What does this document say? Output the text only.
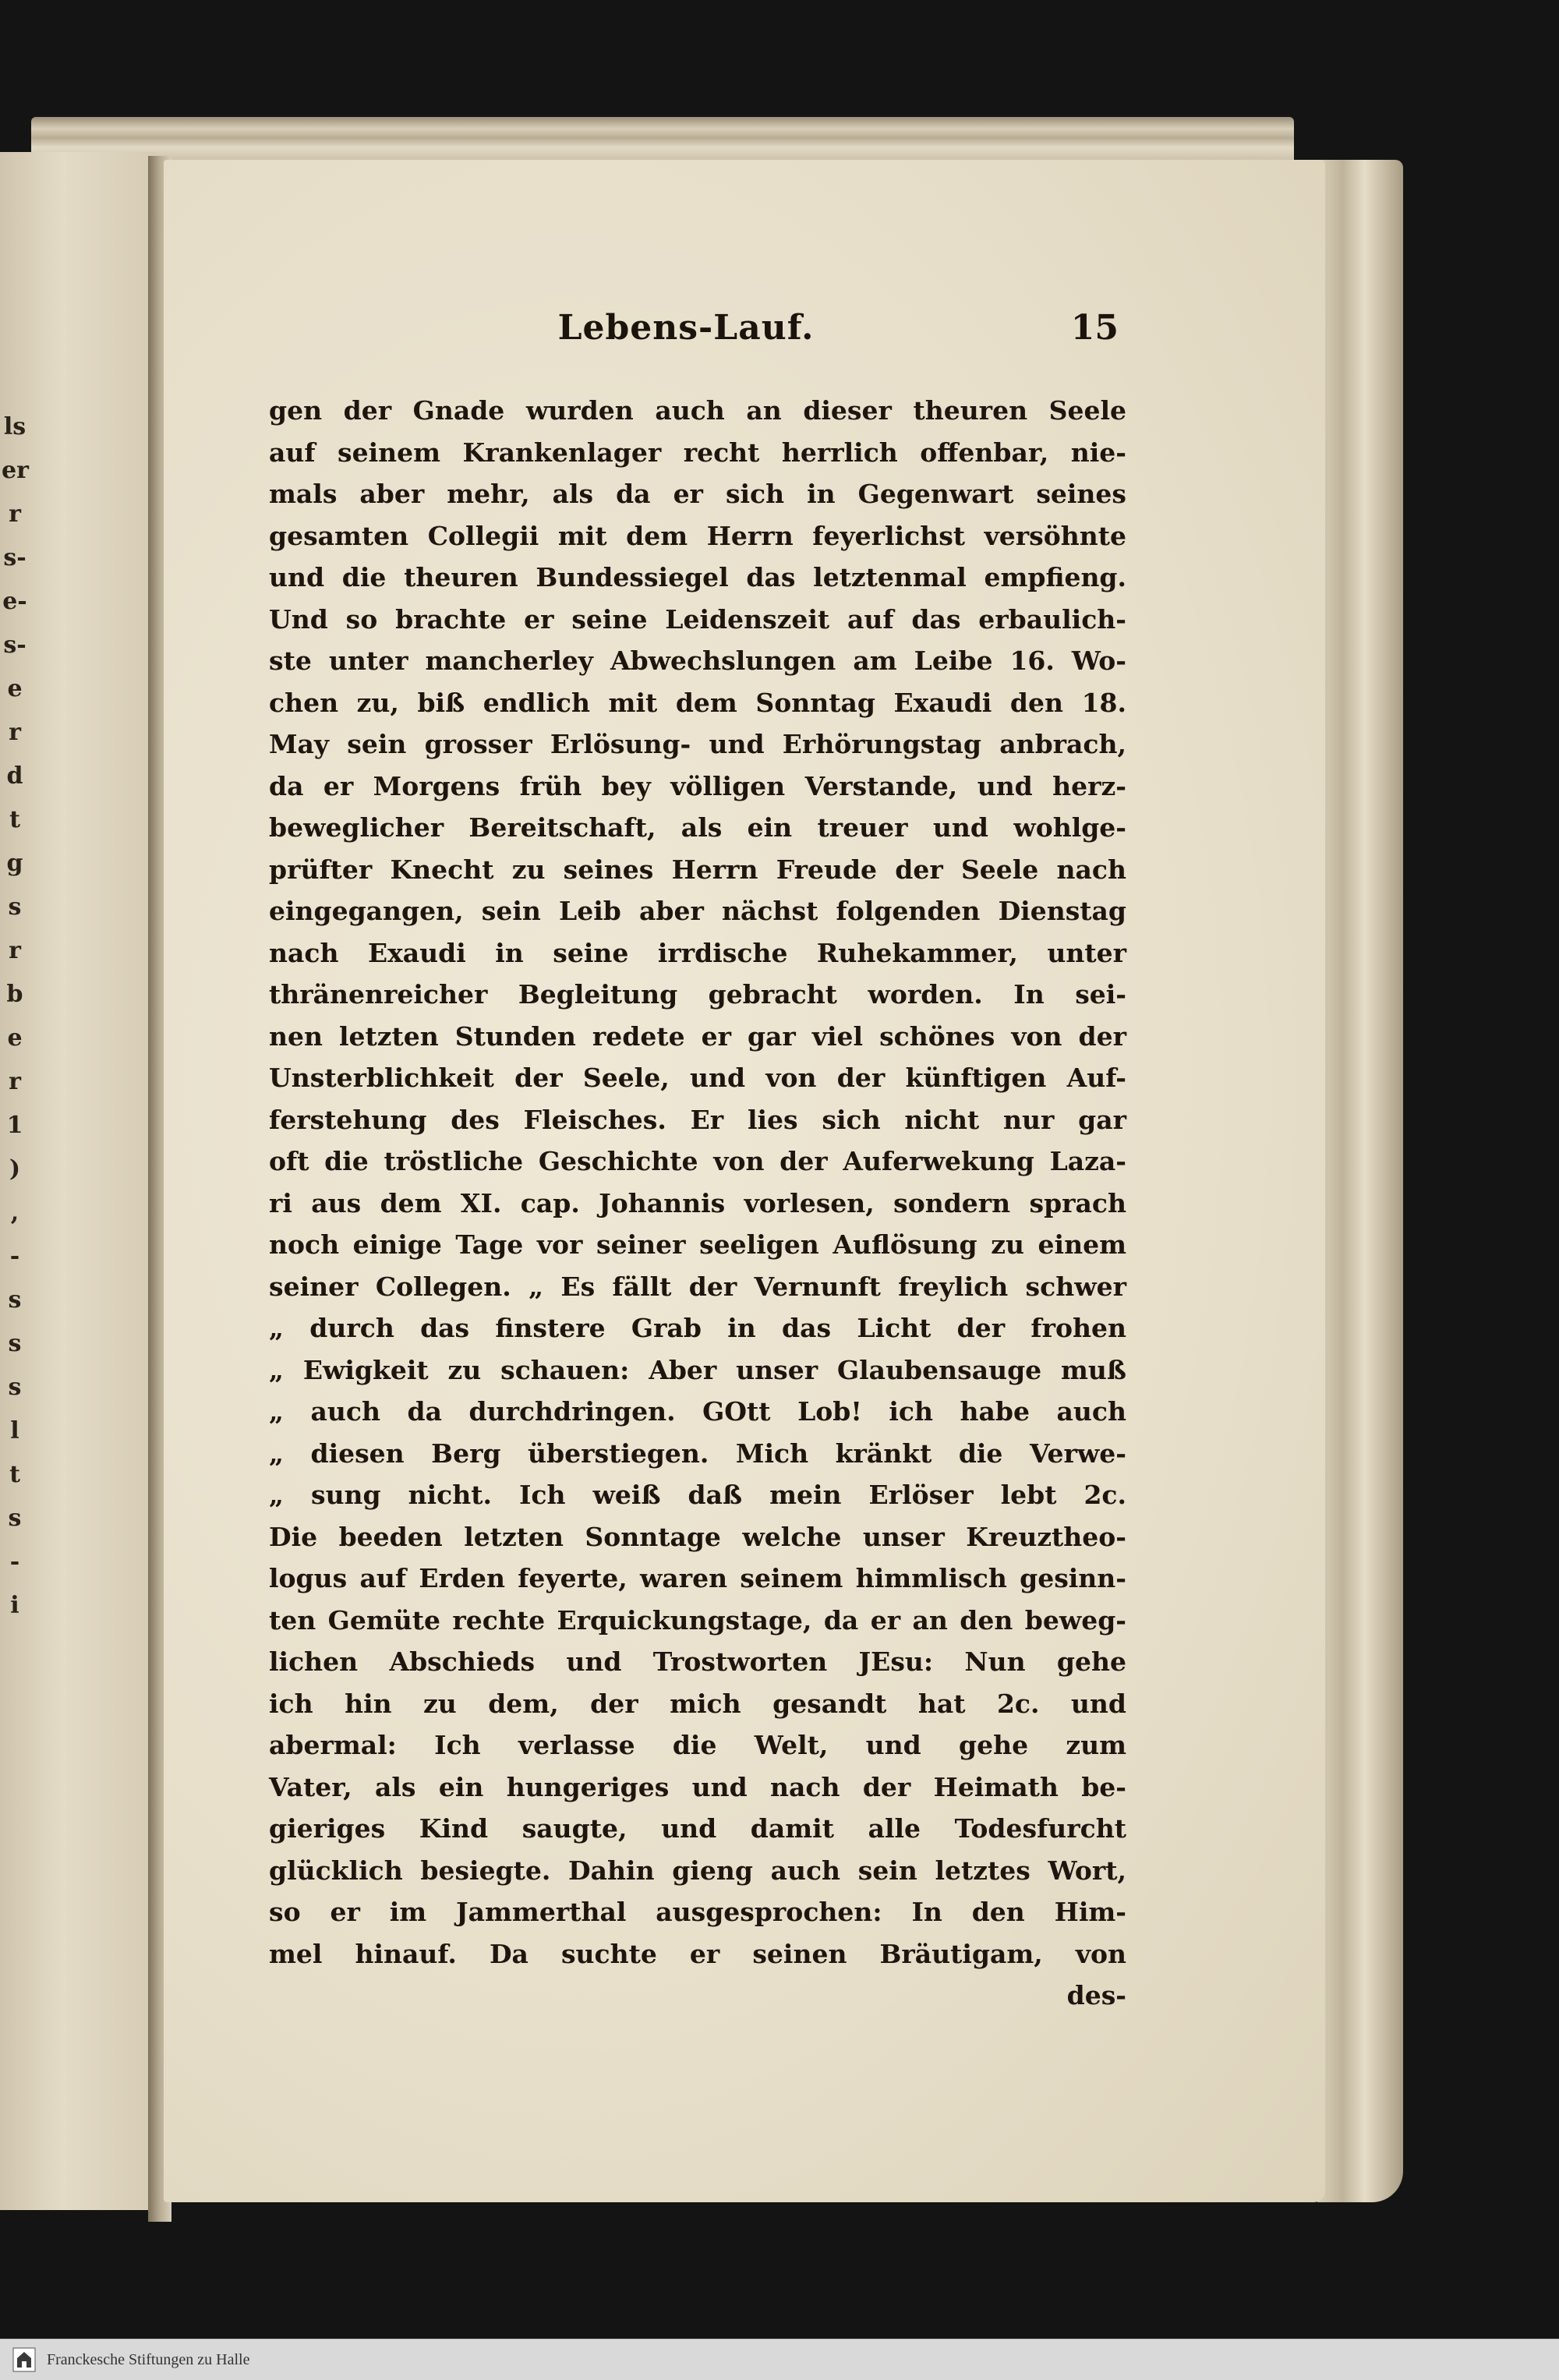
ls
er
r
s-
e-
s-
e
r
d
t
g
s
r
b
e
r
1
)
,
-
s
s
s
l
t
s
-
i
Lebens-Lauf.	15
gen der Gnade wurden auch an dieser theuren Seele
auf seinem Krankenlager recht herrlich offenbar, nie-
mals aber mehr, als da er sich in Gegenwart seines
gesamten Collegii mit dem Herrn feyerlichst versöhnte
und die theuren Bundessiegel das letztenmal empfieng.
Und so brachte er seine Leidenszeit auf das erbaulich-
ste unter mancherley Abwechslungen am Leibe 16. Wo-
chen zu, biß endlich mit dem Sonntag Exaudi den 18.
May sein grosser Erlösung- und Erhörungstag anbrach,
da er Morgens früh bey völligen Verstande, und herz-
beweglicher Bereitschaft, als ein treuer und wohlge-
prüfter Knecht zu seines Herrn Freude der Seele nach
eingegangen, sein Leib aber nächst folgenden Dienstag
nach Exaudi in seine irrdische Ruhekammer, unter
thränenreicher Begleitung gebracht worden. In sei-
nen letzten Stunden redete er gar viel schönes von der
Unsterblichkeit der Seele, und von der künftigen Auf-
ferstehung des Fleisches. Er lies sich nicht nur gar
oft die tröstliche Geschichte von der Auferwekung Laza-
ri aus dem XI. cap. Johannis vorlesen, sondern sprach
noch einige Tage vor seiner seeligen Auflösung zu einem
seiner Collegen. „ Es fällt der Vernunft freylich schwer
„ durch das finstere Grab in das Licht der frohen
„ Ewigkeit zu schauen: Aber unser Glaubensauge muß
„ auch da durchdringen. GOtt Lob! ich habe auch
„ diesen Berg überstiegen. Mich kränkt die Verwe-
„ sung nicht. Ich weiß daß mein Erlöser lebt 2c.
Die beeden letzten Sonntage welche unser Kreuztheo-
logus auf Erden feyerte, waren seinem himmlisch gesinn-
ten Gemüte rechte Erquickungstage, da er an den beweg-
lichen Abschieds und Trostworten JEsu: Nun gehe
ich hin zu dem, der mich gesandt hat 2c. und
abermal: Ich verlasse die Welt, und gehe zum
Vater, als ein hungeriges und nach der Heimath be-
gieriges Kind saugte, und damit alle Todesfurcht
glücklich besiegte. Dahin gieng auch sein letztes Wort,
so er im Jammerthal ausgesprochen: In den Him-
mel hinauf. Da suchte er seinen Bräutigam, von
des-
Franckesche Stiftungen zu Halle
